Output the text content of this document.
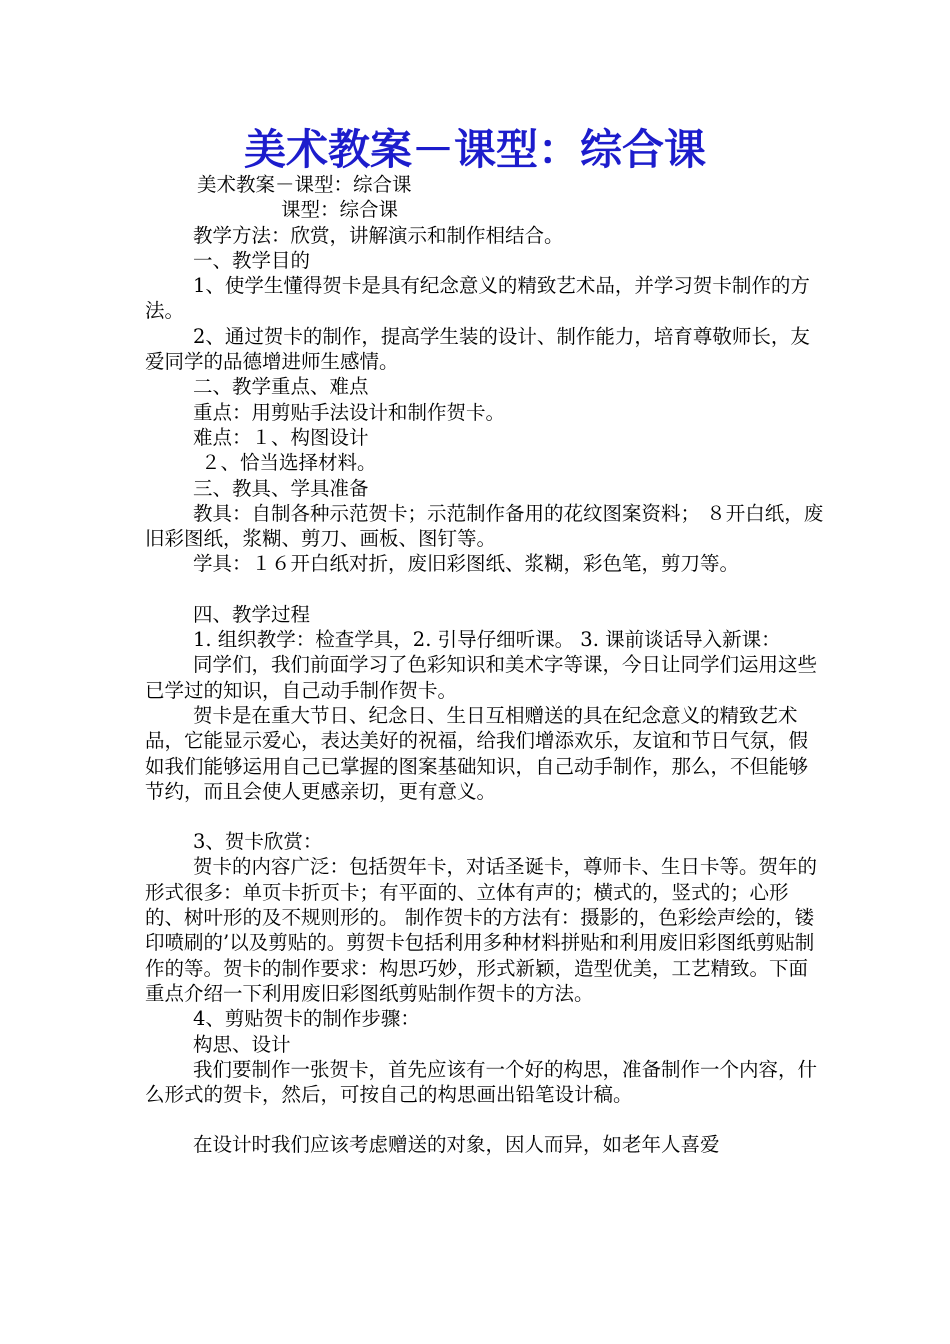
美术教案－课型：综合课

美术教案－课型：综合课

课型：综合课

教学方法：欣赏，讲解演示和制作相结合。

一、教学目的

1、使学生懂得贺卡是具有纪念意义的精致艺术品，并学习贺卡制作的方法。

2、通过贺卡的制作，提高学生装的设计、制作能力，培育尊敬师长，友爱同学的品德增进师生感情。

二、教学重点、难点

重点：用剪贴手法设计和制作贺卡。

难点：１、构图设计

２、恰当选择材料。

三、教具、学具准备

教具：自制各种示范贺卡；示范制作备用的花纹图案资料； ８开白纸，废旧彩图纸，浆糊、剪刀、画板、图钉等。

学具：１６开白纸对折，废旧彩图纸、浆糊，彩色笔，剪刀等。

四、教学过程

1. 组织教学：检查学具，2. 引导仔细听课。 3. 课前谈话导入新课：

同学们，我们前面学习了色彩知识和美术字等课，今日让同学们运用这些已学过的知识，自己动手制作贺卡。

贺卡是在重大节日、纪念日、生日互相赠送的具在纪念意义的精致艺术品，它能显示爱心，表达美好的祝福，给我们增添欢乐，友谊和节日气氛，假如我们能够运用自己已掌握的图案基础知识，自己动手制作，那么，不但能够节约，而且会使人更感亲切，更有意义。

3、贺卡欣赏：

贺卡的内容广泛：包括贺年卡，对话圣诞卡，尊师卡、生日卡等。贺年的形式很多：单页卡折页卡；有平面的、立体有声的；横式的，竖式的；心形的、树叶形的及不规则形的。 制作贺卡的方法有：摄影的，色彩绘声绘的，镂印喷刷的’以及剪贴的。剪贺卡包括利用多种材料拼贴和利用废旧彩图纸剪贴制作的等。贺卡的制作要求：构思巧妙，形式新颖，造型优美，工艺精致。下面重点介绍一下利用废旧彩图纸剪贴制作贺卡的方法。

4、剪贴贺卡的制作步骤：

构思、设计

我们要制作一张贺卡，首先应该有一个好的构思，准备制作一个内容，什么形式的贺卡，然后，可按自己的构思画出铅笔设计稿。

在设计时我们应该考虑赠送的对象，因人而异，如老年人喜爱
